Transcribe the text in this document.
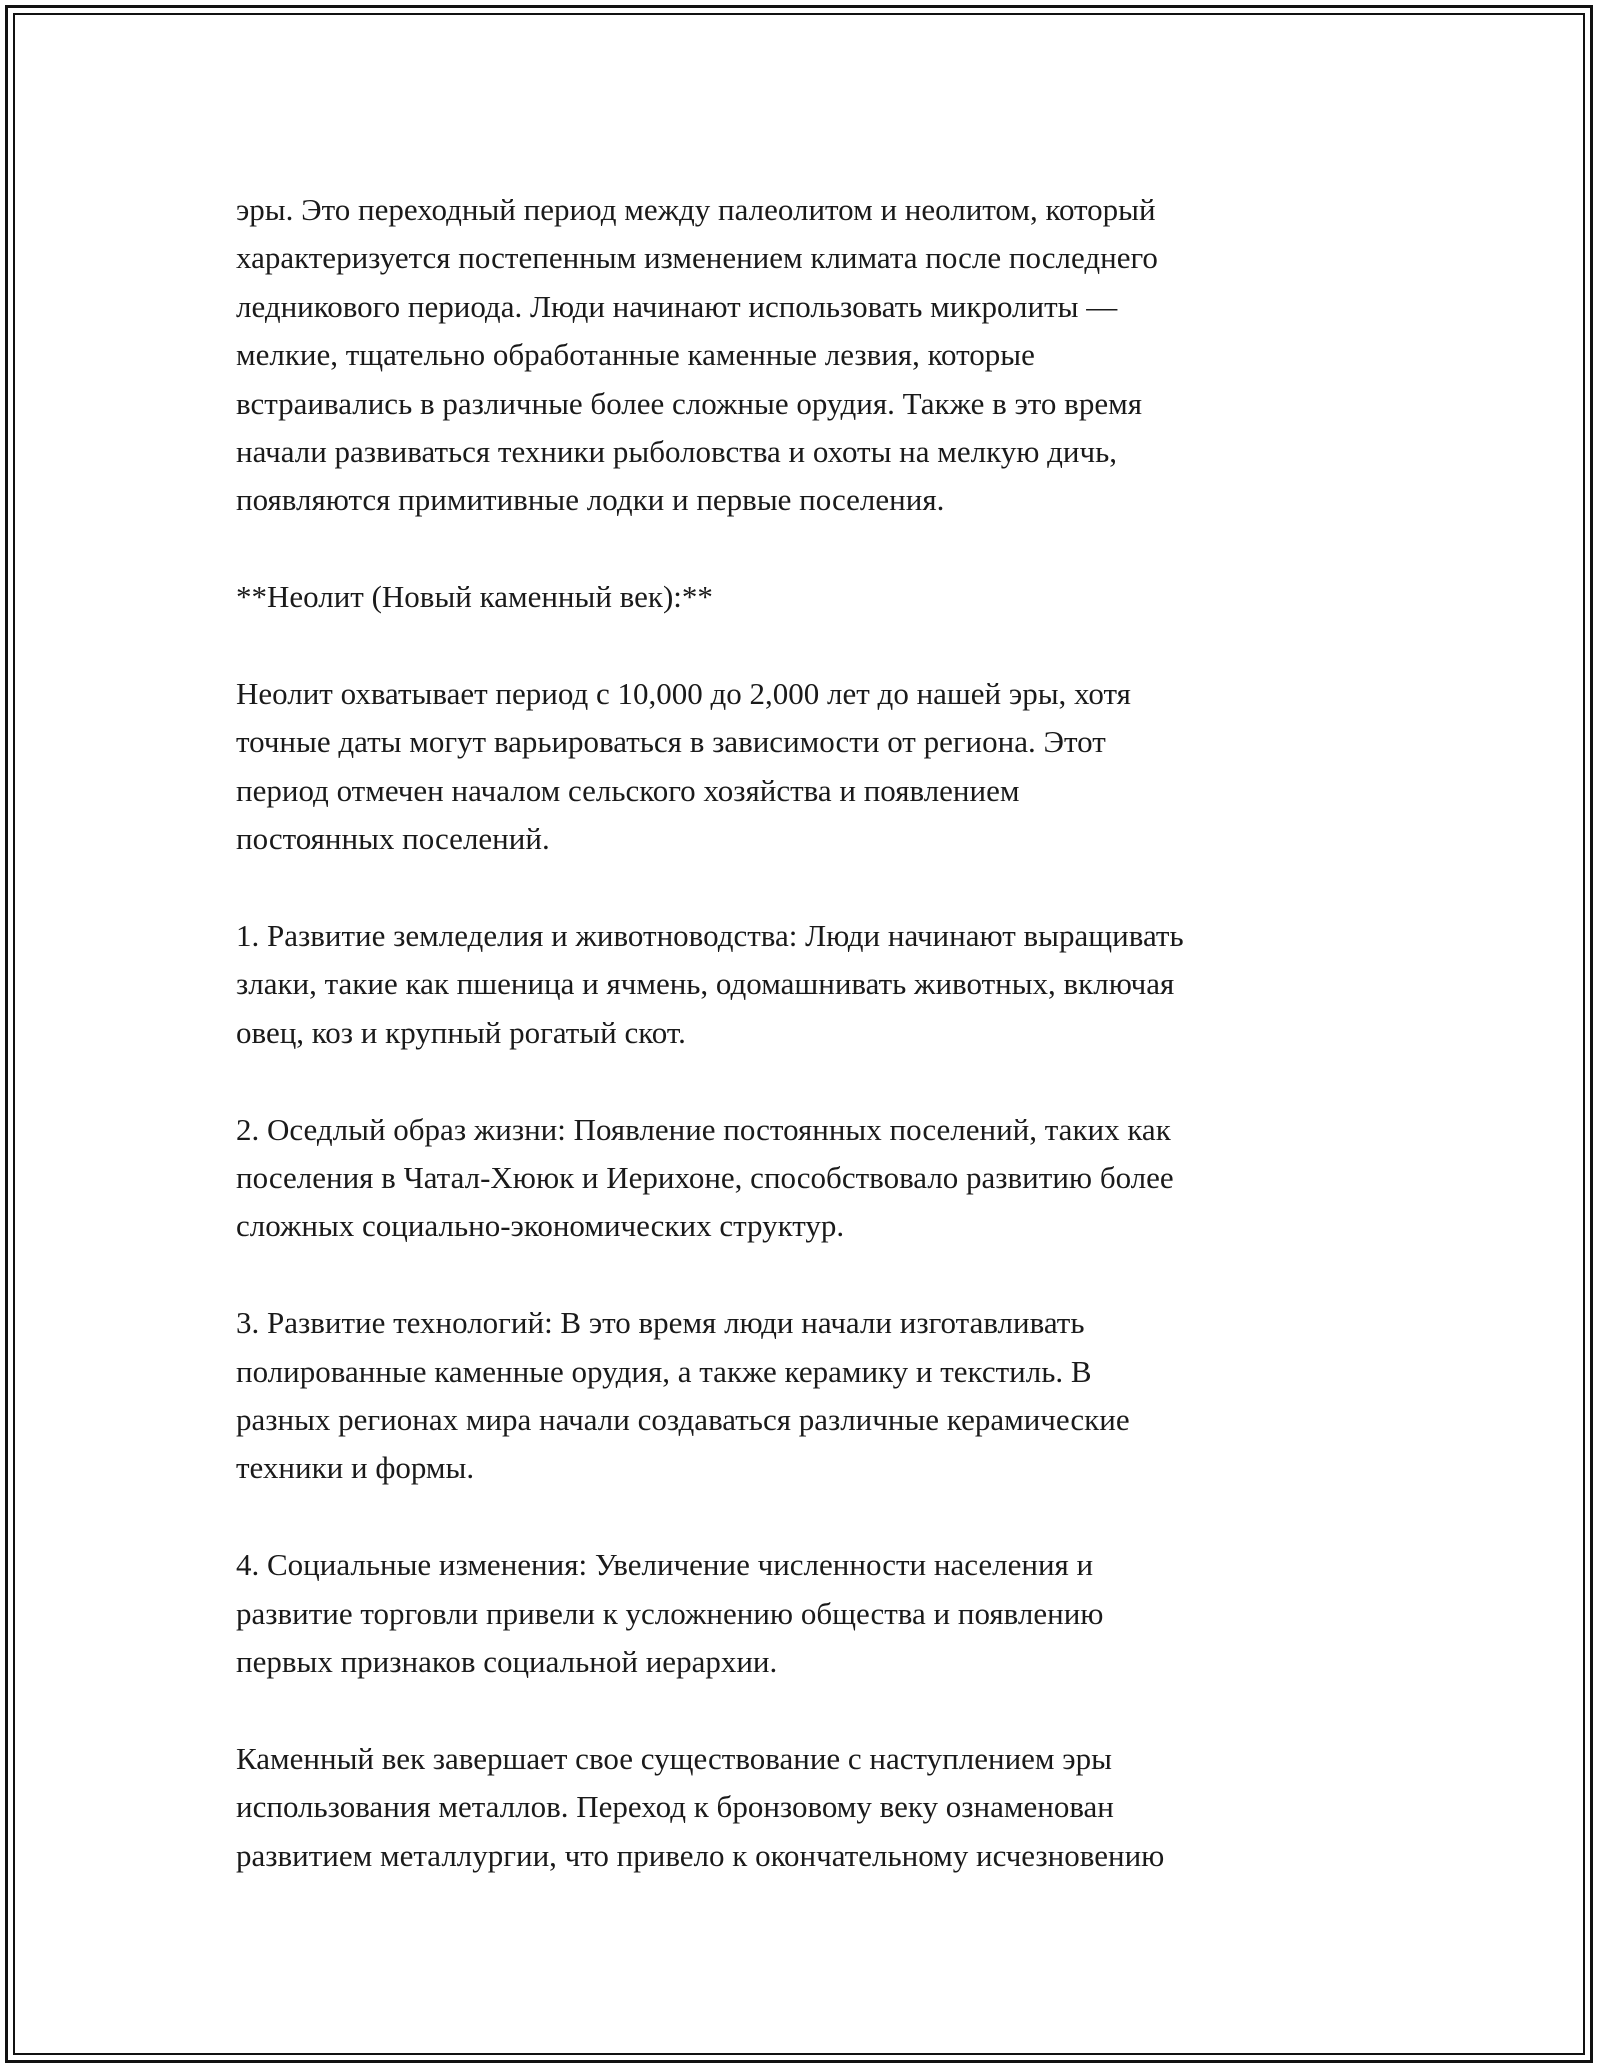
эры. Это переходный период между палеолитом и неолитом, который
характеризуется постепенным изменением климата после последнего
ледникового периода. Люди начинают использовать микролиты —
мелкие, тщательно обработанные каменные лезвия, которые
встраивались в различные более сложные орудия. Также в это время
начали развиваться техники рыболовства и охоты на мелкую дичь,
появляются примитивные лодки и первые поселения.

**Неолит (Новый каменный век):**

Неолит охватывает период с 10,000 до 2,000 лет до нашей эры, хотя
точные даты могут варьироваться в зависимости от региона. Этот
период отмечен началом сельского хозяйства и появлением
постоянных поселений.

1. Развитие земледелия и животноводства: Люди начинают выращивать
злаки, такие как пшеница и ячмень, одомашнивать животных, включая
овец, коз и крупный рогатый скот.

2. Оседлый образ жизни: Появление постоянных поселений, таких как
поселения в Чатал-Хююк и Иерихоне, способствовало развитию более
сложных социально-экономических структур.

3. Развитие технологий: В это время люди начали изготавливать
полированные каменные орудия, а также керамику и текстиль. В
разных регионах мира начали создаваться различные керамические
техники и формы.

4. Социальные изменения: Увеличение численности населения и
развитие торговли привели к усложнению общества и появлению
первых признаков социальной иерархии.

Каменный век завершает свое существование с наступлением эры
использования металлов. Переход к бронзовому веку ознаменован
развитием металлургии, что привело к окончательному исчезновению
